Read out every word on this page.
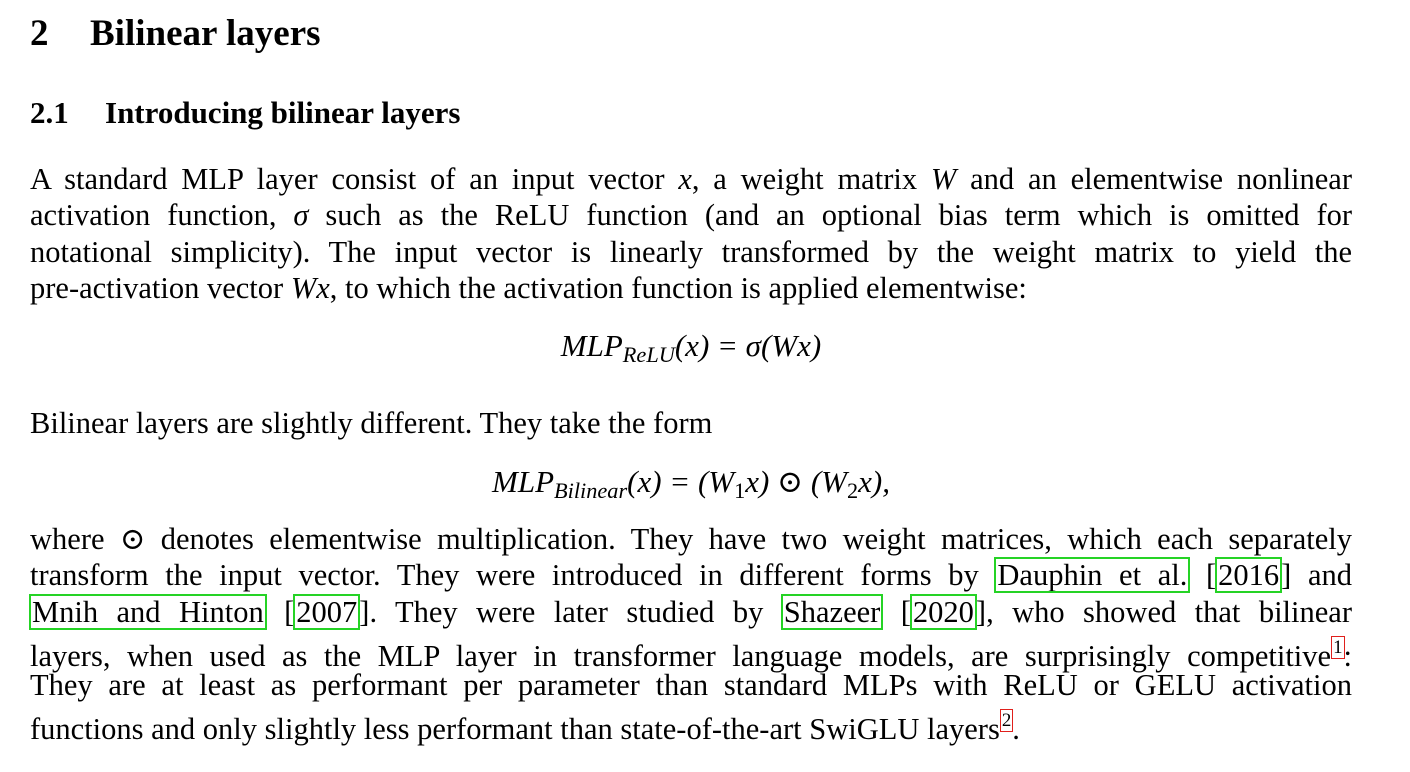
2 Bilinear layers
2.1 Introducing bilinear layers
A standard MLP layer consist of an input vector x, a weight matrix W and an elementwise nonlinear
activation function, σ such as the ReLU function (and an optional bias term which is omitted for
notational simplicity). The input vector is linearly transformed by the weight matrix to yield the
pre-activation vector Wx, to which the activation function is applied elementwise:
$MLP_{ReLU}(x) = \sigma(Wx)$
Bilinear layers are slightly different. They take the form
$MLP_{Bilinear}(x) = (W_1x)$ ⊙ $(W_2x)$,
where ⊙ denotes elementwise multiplication. They have two weight matrices, which each separately
transform the input vector. They were introduced in different forms by Dauphin et al. [2016] and
Mnih and Hinton [2007]. They were later studied by Shazeer [2020], who showed that bilinear
layers, when used as the MLP layer in transformer language models, are surprisingly competitive $^1$:
They are at least as performant per parameter than standard MLPs with ReLU or GELU activation
functions and only slightly less performant than state-of-the-art SwiGLU layers $^2$.
